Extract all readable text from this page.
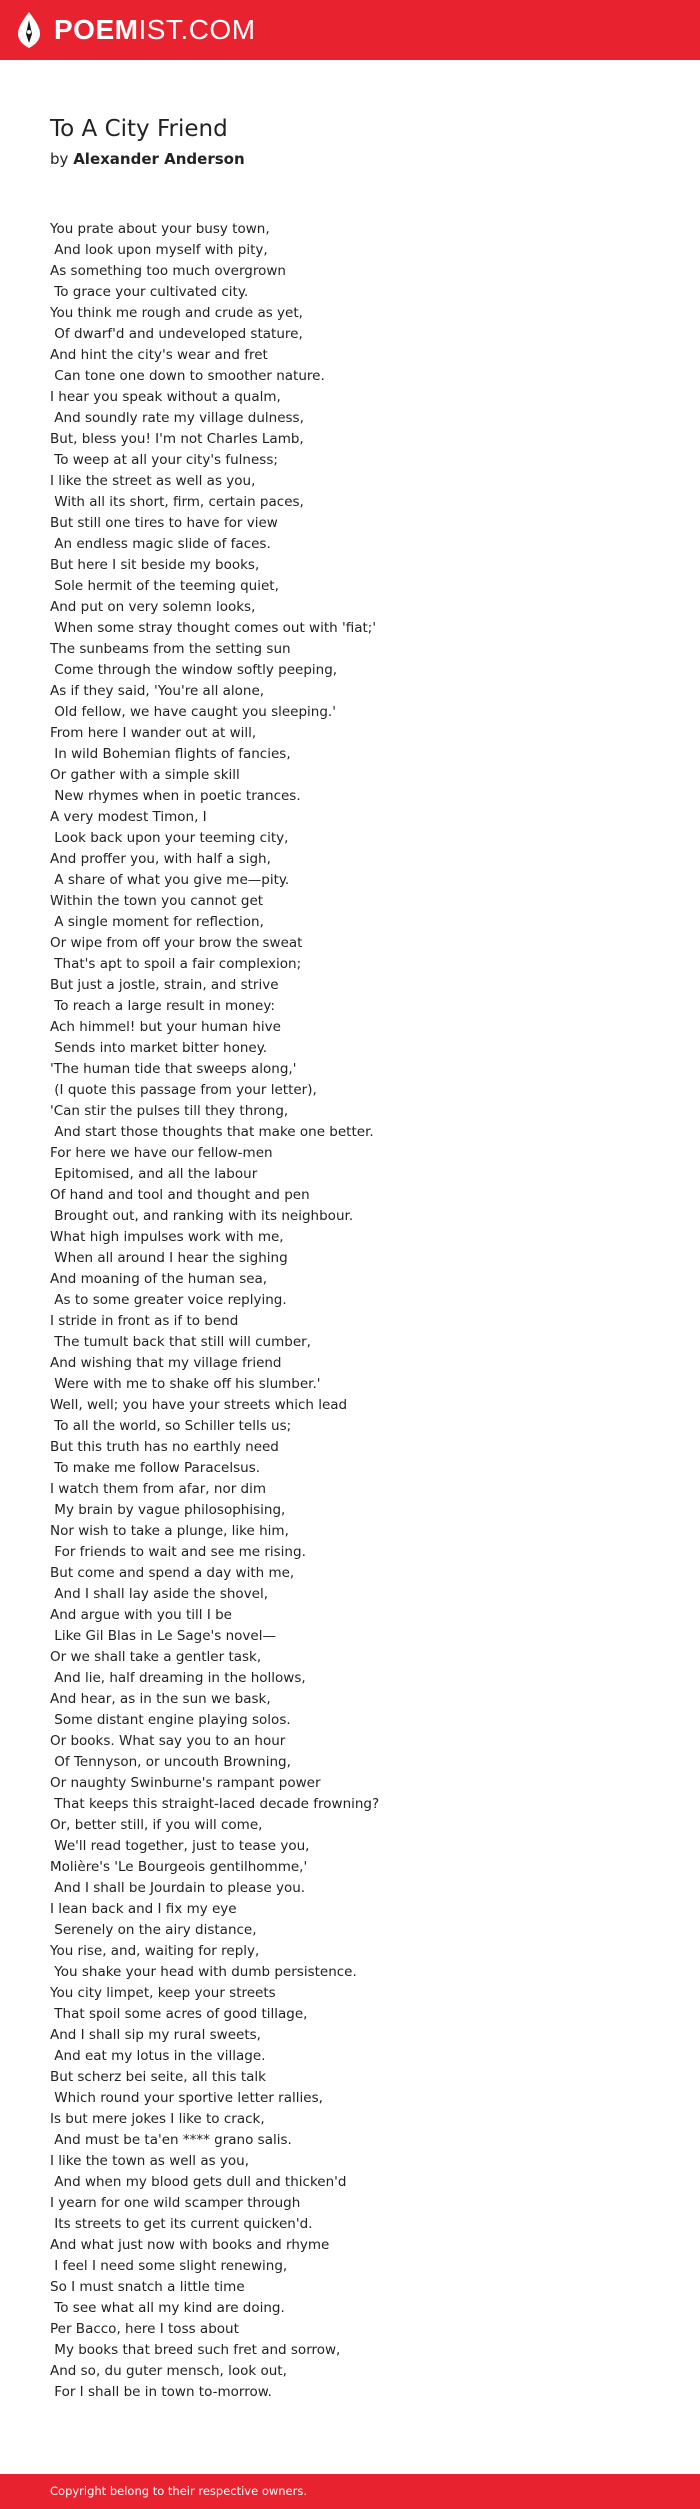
POEMIST.COM
To A City Friend
by Alexander Anderson
You prate about your busy town,
And look upon myself with pity,
As something too much overgrown
To grace your cultivated city.
You think me rough and crude as yet,
Of dwarf'd and undeveloped stature,
And hint the city's wear and fret
Can tone one down to smoother nature.
I hear you speak without a qualm,
And soundly rate my village dulness,
But, bless you! I'm not Charles Lamb,
To weep at all your city's fulness;
I like the street as well as you,
With all its short, firm, certain paces,
But still one tires to have for view
An endless magic slide of faces.
But here I sit beside my books,
Sole hermit of the teeming quiet,
And put on very solemn looks,
When some stray thought comes out with 'fiat;'
The sunbeams from the setting sun
Come through the window softly peeping,
As if they said, 'You're all alone,
Old fellow, we have caught you sleeping.'
From here I wander out at will,
In wild Bohemian flights of fancies,
Or gather with a simple skill
New rhymes when in poetic trances.
A very modest Timon, I
Look back upon your teeming city,
And proffer you, with half a sigh,
A share of what you give me—pity.
Within the town you cannot get
A single moment for reflection,
Or wipe from off your brow the sweat
That's apt to spoil a fair complexion;
But just a jostle, strain, and strive
To reach a large result in money:
Ach himmel! but your human hive
Sends into market bitter honey.
'The human tide that sweeps along,'
(I quote this passage from your letter),
'Can stir the pulses till they throng,
And start those thoughts that make one better.
For here we have our fellow-men
Epitomised, and all the labour
Of hand and tool and thought and pen
Brought out, and ranking with its neighbour.
What high impulses work with me,
When all around I hear the sighing
And moaning of the human sea,
As to some greater voice replying.
I stride in front as if to bend
The tumult back that still will cumber,
And wishing that my village friend
Were with me to shake off his slumber.'
Well, well; you have your streets which lead
To all the world, so Schiller tells us;
But this truth has no earthly need
To make me follow Paracelsus.
I watch them from afar, nor dim
My brain by vague philosophising,
Nor wish to take a plunge, like him,
For friends to wait and see me rising.
But come and spend a day with me,
And I shall lay aside the shovel,
And argue with you till I be
Like Gil Blas in Le Sage's novel—
Or we shall take a gentler task,
And lie, half dreaming in the hollows,
And hear, as in the sun we bask,
Some distant engine playing solos.
Or books. What say you to an hour
Of Tennyson, or uncouth Browning,
Or naughty Swinburne's rampant power
That keeps this straight-laced decade frowning?
Or, better still, if you will come,
We'll read together, just to tease you,
Molière's 'Le Bourgeois gentilhomme,'
And I shall be Jourdain to please you.
I lean back and I fix my eye
Serenely on the airy distance,
You rise, and, waiting for reply,
You shake your head with dumb persistence.
You city limpet, keep your streets
That spoil some acres of good tillage,
And I shall sip my rural sweets,
And eat my lotus in the village.
But scherz bei seite, all this talk
Which round your sportive letter rallies,
Is but mere jokes I like to crack,
And must be ta'en **** grano salis.
I like the town as well as you,
And when my blood gets dull and thicken'd
I yearn for one wild scamper through
Its streets to get its current quicken'd.
And what just now with books and rhyme
I feel I need some slight renewing,
So I must snatch a little time
To see what all my kind are doing.
Per Bacco, here I toss about
My books that breed such fret and sorrow,
And so, du guter mensch, look out,
For I shall be in town to-morrow.
Copyright belong to their respective owners.
